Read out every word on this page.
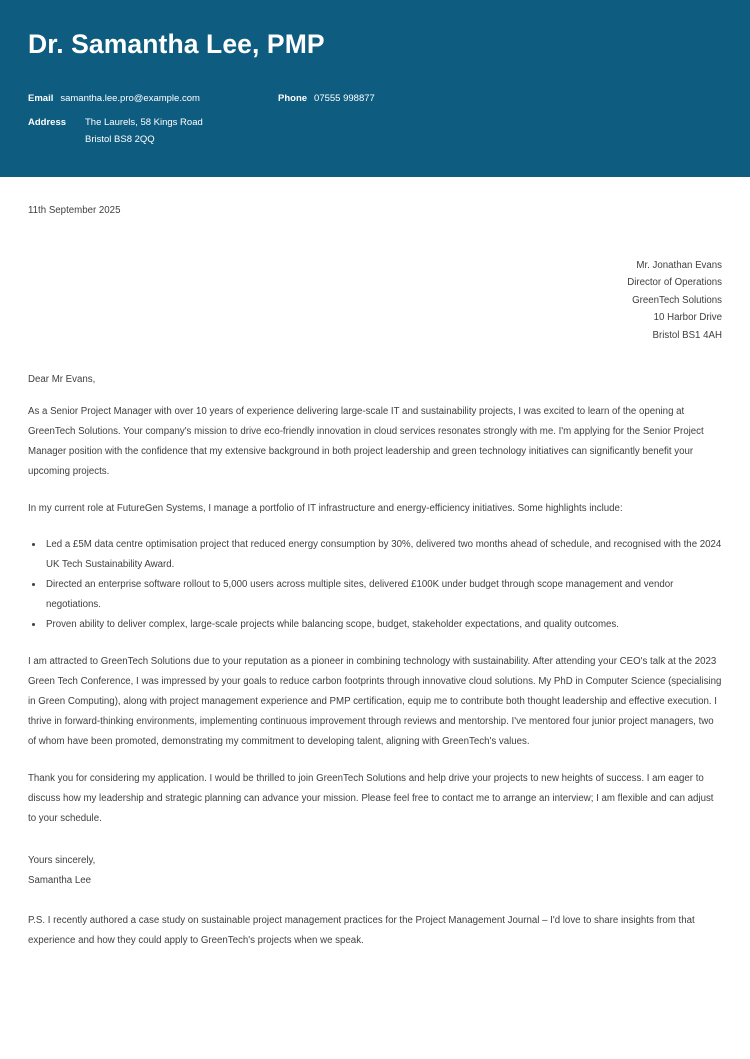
Dr. Samantha Lee, PMP
Email samantha.lee.pro@example.com	Phone 07555 998877
Address	The Laurels, 58 Kings Road
Bristol BS8 2QQ
11th September 2025
Mr. Jonathan Evans
Director of Operations
GreenTech Solutions
10 Harbor Drive
Bristol BS1 4AH
Dear Mr Evans,

As a Senior Project Manager with over 10 years of experience delivering large-scale IT and sustainability projects, I was excited to learn of the opening at GreenTech Solutions. Your company's mission to drive eco-friendly innovation in cloud services resonates strongly with me. I'm applying for the Senior Project Manager position with the confidence that my extensive background in both project leadership and green technology initiatives can significantly benefit your upcoming projects.

In my current role at FutureGen Systems, I manage a portfolio of IT infrastructure and energy-efficiency initiatives. Some highlights include:

Led a £5M data centre optimisation project that reduced energy consumption by 30%, delivered two months ahead of schedule, and recognised with the 2024 UK Tech Sustainability Award.
Directed an enterprise software rollout to 5,000 users across multiple sites, delivered £100K under budget through scope management and vendor negotiations.
Proven ability to deliver complex, large-scale projects while balancing scope, budget, stakeholder expectations, and quality outcomes.

I am attracted to GreenTech Solutions due to your reputation as a pioneer in combining technology with sustainability. After attending your CEO's talk at the 2023 Green Tech Conference, I was impressed by your goals to reduce carbon footprints through innovative cloud solutions. My PhD in Computer Science (specialising in Green Computing), along with project management experience and PMP certification, equip me to contribute both thought leadership and effective execution. I thrive in forward-thinking environments, implementing continuous improvement through reviews and mentorship. I've mentored four junior project managers, two of whom have been promoted, demonstrating my commitment to developing talent, aligning with GreenTech's values.

Thank you for considering my application. I would be thrilled to join GreenTech Solutions and help drive your projects to new heights of success. I am eager to discuss how my leadership and strategic planning can advance your mission. Please feel free to contact me to arrange an interview; I am flexible and can adjust to your schedule.

Yours sincerely,
Samantha Lee

P.S. I recently authored a case study on sustainable project management practices for the Project Management Journal – I'd love to share insights from that experience and how they could apply to GreenTech's projects when we speak.
